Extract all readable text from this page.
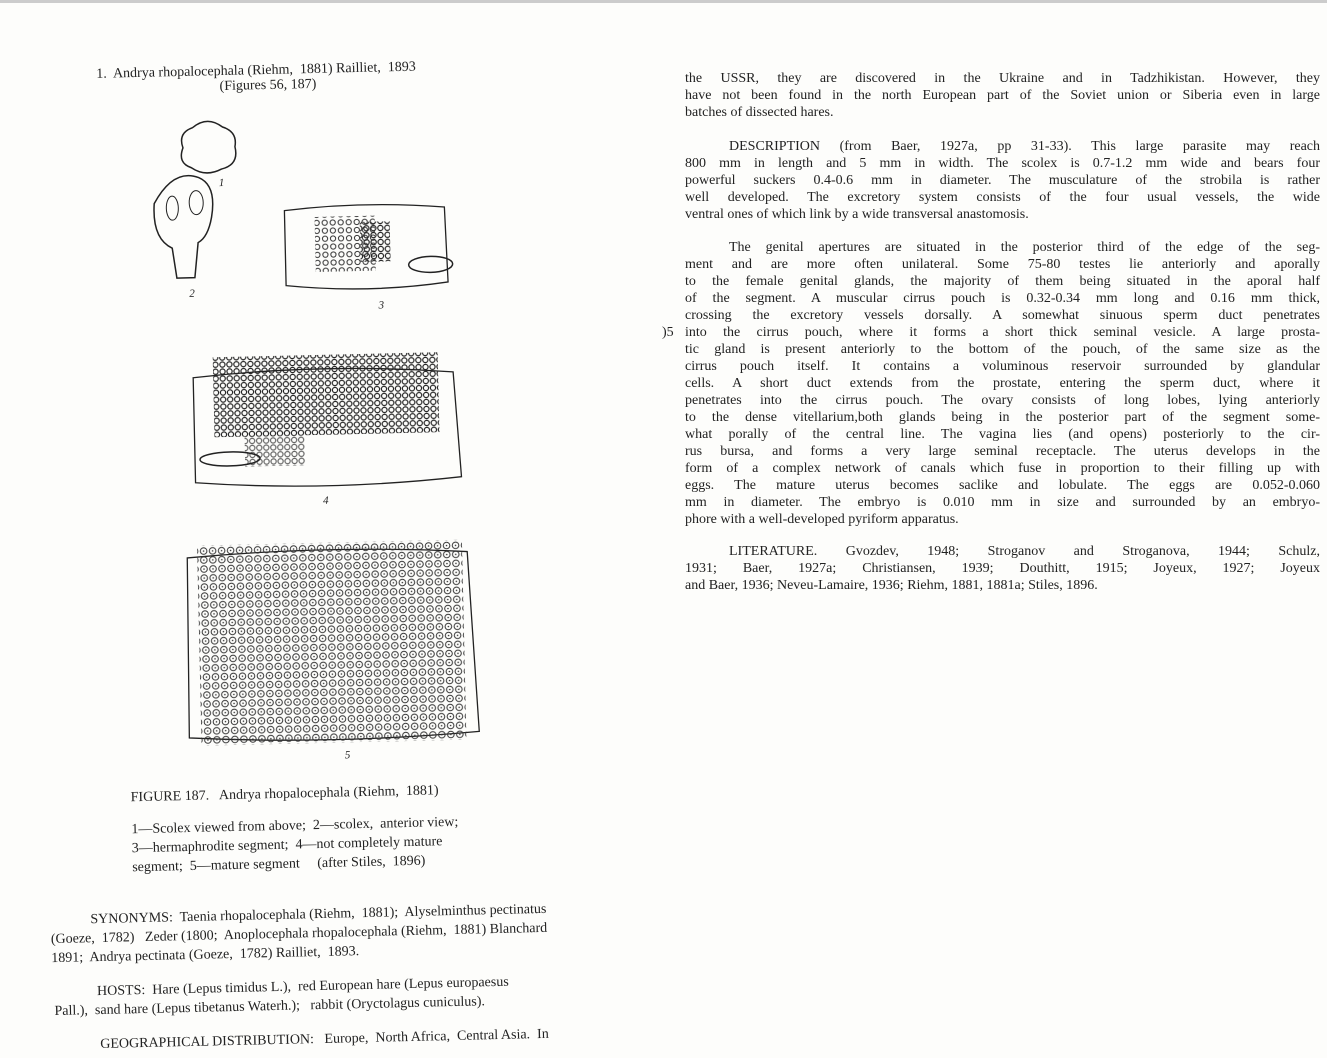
1.  Andrya rhopalocephala (Riehm,  1881) Railliet,  1893
(Figures 56, 187)
1
2
3
4
5
FIGURE 187.   Andrya rhopalocephala (Riehm,  1881)
1—Scolex viewed from above;  2—scolex,  anterior view;
3—hermaphrodite segment;  4—not completely mature
segment;  5—mature segment     (after Stiles,  1896)
SYNONYMS:  Taenia rhopalocephala (Riehm,  1881);  Alyselminthus pectinatus
(Goeze,  1782)   Zeder (1800;  Anoplocephala rhopalocephala (Riehm,  1881) Blanchard
1891;  Andrya pectinata (Goeze,  1782) Railliet,  1893.
HOSTS:  Hare (Lepus timidus L.),  red European hare (Lepus europaesus
Pall.),  sand hare (Lepus tibetanus Waterh.);   rabbit (Oryctolagus cuniculus).
GEOGRAPHICAL DISTRIBUTION:   Europe,  North Africa,  Central Asia.  In
)5
the USSR, they are discovered in the Ukraine and in Tadzhikistan. However, they
have not been found in the north European part of the Soviet union or Siberia even in large
batches of dissected hares.
DESCRIPTION (from Baer, 1927a, pp 31-33). This large parasite may reach
800 mm in length and 5 mm in width. The scolex is 0.7-1.2 mm wide and bears four
powerful suckers 0.4-0.6 mm in diameter. The musculature of the strobila is rather
well developed. The excretory system consists of the four usual vessels, the wide
ventral ones of which link by a wide transversal anastomosis.
The genital apertures are situated in the posterior third of the edge of the seg-
ment and are more often unilateral. Some 75-80 testes lie anteriorly and aporally
to the female genital glands, the majority of them being situated in the aporal half
of the segment. A muscular cirrus pouch is 0.32-0.34 mm long and 0.16 mm thick,
crossing the excretory vessels dorsally. A somewhat sinuous sperm duct penetrates
into the cirrus pouch, where it forms a short thick seminal vesicle. A large prosta-
tic gland is present anteriorly to the bottom of the pouch, of the same size as the
cirrus pouch itself. It contains a voluminous reservoir surrounded by glandular
cells. A short duct extends from the prostate, entering the sperm duct, where it
penetrates into the cirrus pouch. The ovary consists of long lobes, lying anteriorly
to the dense vitellarium,both glands being in the posterior part of the segment some-
what porally of the central line. The vagina lies (and opens) posteriorly to the cir-
rus bursa, and forms a very large seminal receptacle. The uterus develops in the
form of a complex network of canals which fuse in proportion to their filling up with
eggs. The mature uterus becomes saclike and lobulate. The eggs are 0.052-0.060
mm in diameter. The embryo is 0.010 mm in size and surrounded by an embryo-
phore with a well-developed pyriform apparatus.
LITERATURE. Gvozdev, 1948; Stroganov and Stroganova, 1944; Schulz,
1931; Baer, 1927a; Christiansen, 1939; Douthitt, 1915; Joyeux, 1927; Joyeux
and Baer, 1936; Neveu-Lamaire, 1936; Riehm, 1881, 1881a; Stiles, 1896.
